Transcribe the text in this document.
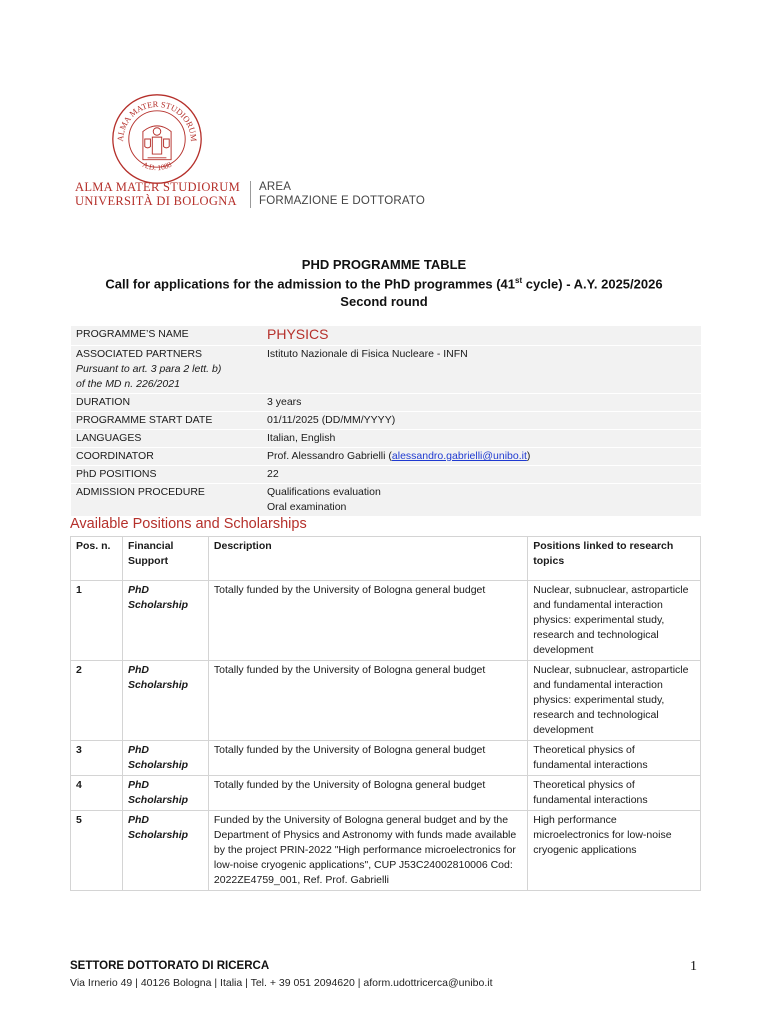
ALMA MATER STUDIORUM
A.D. 1088
ALMA MATER STUDIORUM
UNIVERSITÀ DI BOLOGNA
AREA
FORMAZIONE E DOTTORATO
PHD PROGRAMME TABLE
Call for applications for the admission to the PhD programmes (41st cycle) - A.Y. 2025/2026
Second round
PROGRAMME’S NAME	PHYSICS

ASSOCIATED PARTNERS
Pursuant to art. 3 para 2 lett. b)
of the MD n. 226/2021	Istituto Nazionale di Fisica Nucleare - INFN
DURATION	3 years
PROGRAMME START DATE	01/11/2025 (DD/MM/YYYY)
LANGUAGES	Italian, English
COORDINATOR	Prof. Alessandro Gabrielli (alessandro.gabrielli@unibo.it)
PhD POSITIONS	22
ADMISSION PROCEDURE	Qualifications evaluation
Oral examination
Available Positions and Scholarships
Pos. n.	Financial Support	Description	Positions linked to research topics
1	PhD Scholarship	Totally funded by the University of Bologna general budget	Nuclear, subnuclear, astroparticle and fundamental interaction physics: experimental study, research and technological development
2	PhD Scholarship	Totally funded by the University of Bologna general budget	Nuclear, subnuclear, astroparticle and fundamental interaction physics: experimental study, research and technological development
3	PhD Scholarship	Totally funded by the University of Bologna general budget	Theoretical physics of fundamental interactions
4	PhD Scholarship	Totally funded by the University of Bologna general budget	Theoretical physics of fundamental interactions
5	PhD Scholarship	Funded by the University of Bologna general budget and by the Department of Physics and Astronomy with funds made available by the project PRIN-2022 "High performance microelectronics for low-noise cryogenic applications", CUP J53C24002810006 Cod: 2022ZE4759_001, Ref. Prof. Gabrielli	High performance microelectronics for low-noise cryogenic applications
SETTORE DOTTORATO DI RICERCA
Via Irnerio 49 | 40126 Bologna | Italia | Tel. + 39 051 2094620 | aform.udottricerca@unibo.it
1
